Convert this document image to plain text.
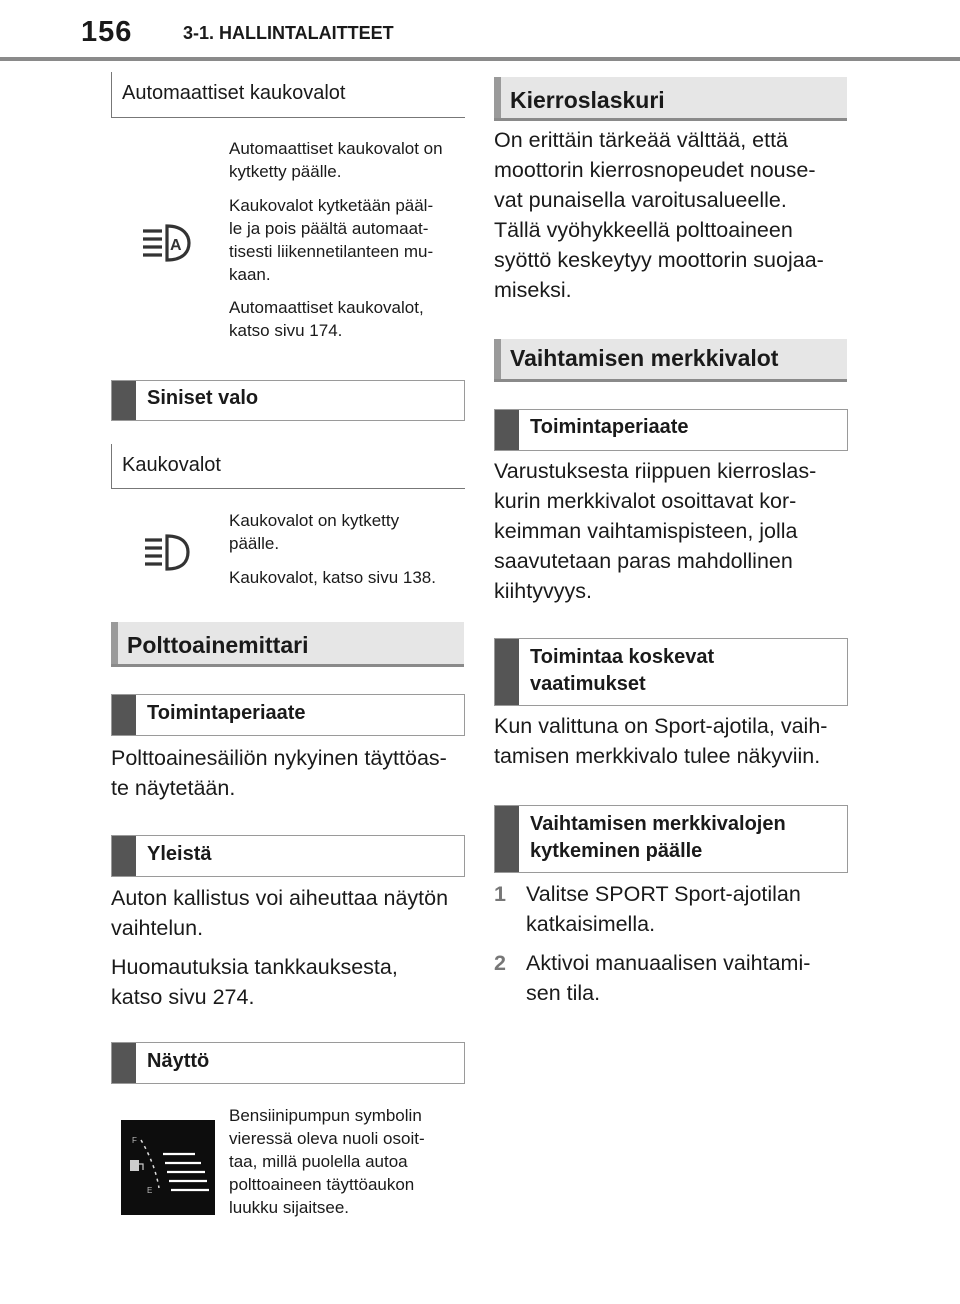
156	3-1. HALLINTALAITTEET
Automaattiset kaukovalot
A
Automaattiset kaukovalot on kytketty päälle.
Kaukovalot kytketään pääl-
le ja pois päältä automaat-
tisesti liikennetilanteen mu-
kaan.
Automaattiset kaukovalot,
katso sivu 174.
Siniset valo
Kaukovalot
Kaukovalot on kytketty
päälle.
Kaukovalot, katso sivu 138.
Polttoainemittari
Toimintaperiaate
Polttoainesäiliön nykyinen täyttöas-
te näytetään.
Yleistä
Auton kallistus voi aiheuttaa näytön
vaihtelun.
Huomautuksia tankkauksesta,
katso sivu 274.
Näyttö
F
E
Bensiinipumpun symbolin
vieressä oleva nuoli osoit-
taa, millä puolella autoa
polttoaineen täyttöaukon
luukku sijaitsee.
Kierroslaskuri
On erittäin tärkeää välttää, että
moottorin kierrosnopeudet nouse-
vat punaisella varoitusalueelle.
Tällä vyöhykkeellä polttoaineen
syöttö keskeytyy moottorin suojaa-
miseksi.
Vaihtamisen merkkivalot
Toimintaperiaate
Varustuksesta riippuen kierroslas-
kurin merkkivalot osoittavat kor-
keimman vaihtamispisteen, jolla
saavutetaan paras mahdollinen
kiihtyvyys.
Toimintaa koskevat
vaatimukset
Kun valittuna on Sport-ajotila, vaih-
tamisen merkkivalo tulee näkyviin.
Vaihtamisen merkkivalojen
kytkeminen päälle
1 Valitse SPORT Sport-ajotilan
katkaisimella.
2 Aktivoi manuaalisen vaihtami-
sen tila.
